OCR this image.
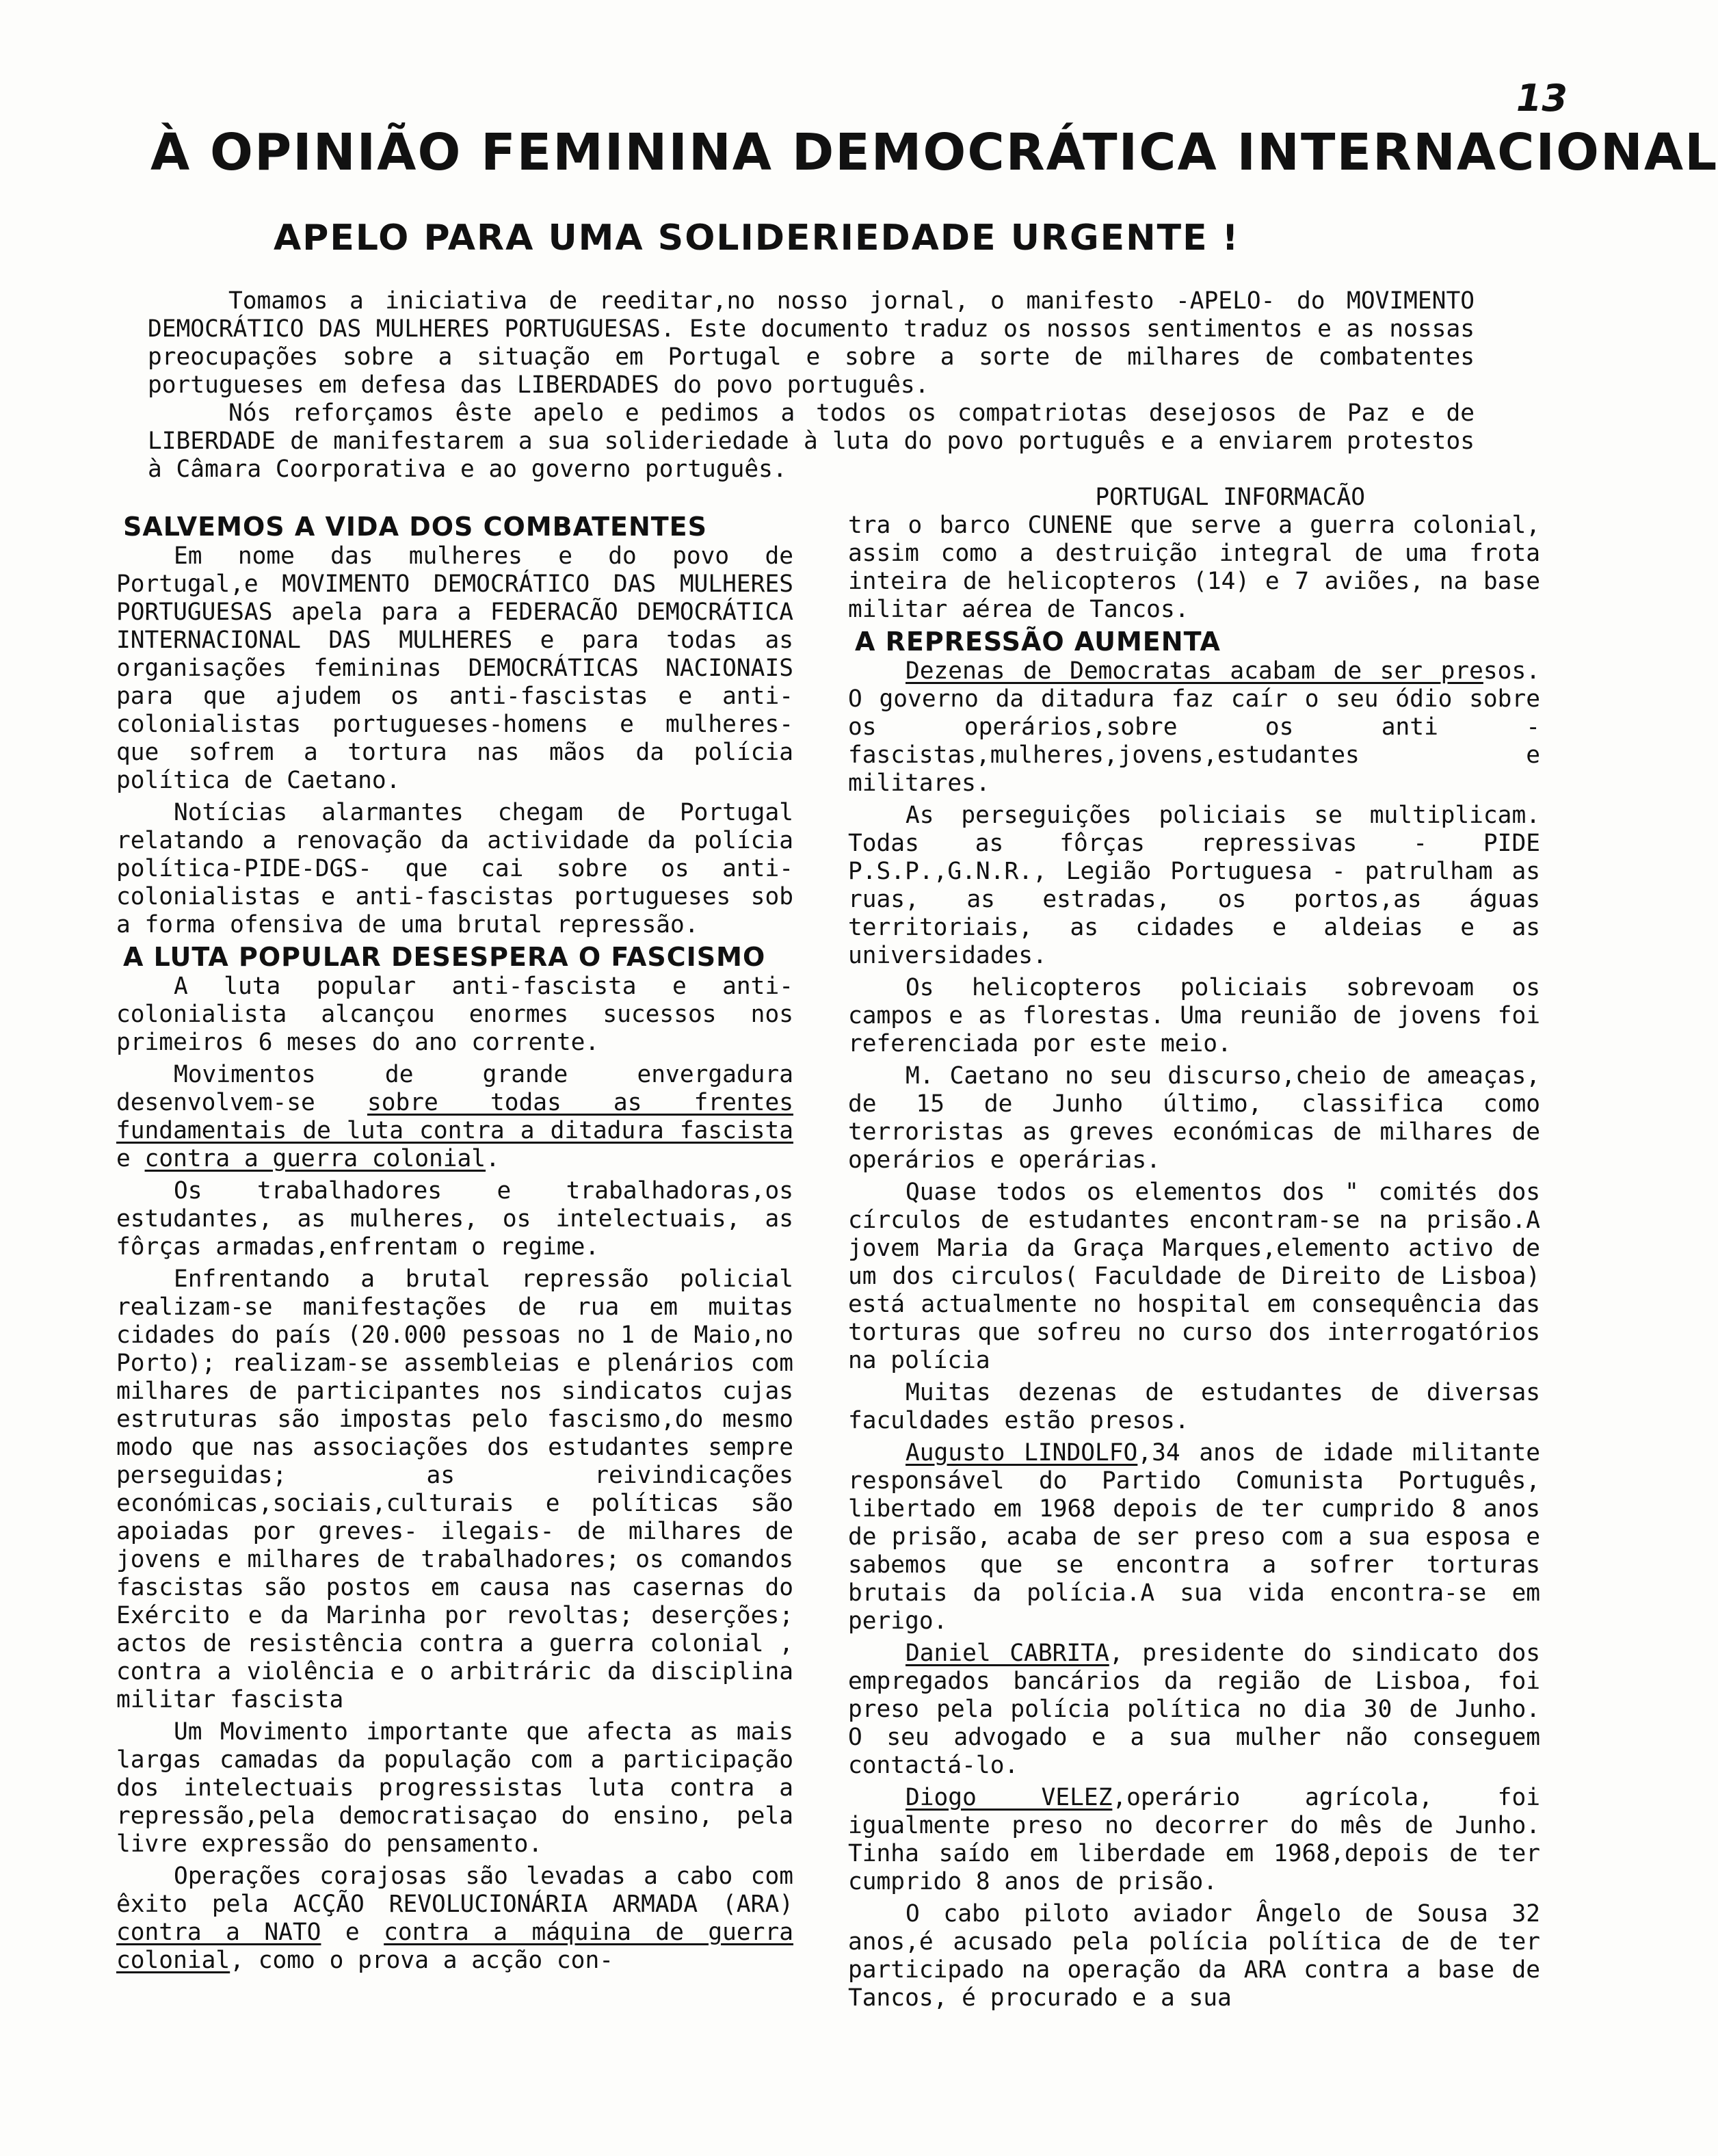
13
À OPINIÃO FEMININA DEMOCRÁTICA INTERNACIONAL
APELO PARA UMA SOLIDERIEDADE URGENTE !

Tomamos a iniciativa de reeditar,no nosso jornal, o manifesto -APELO- do MOVIMENTO DEMOCRÁTICO DAS MULHERES PORTUGUESAS. Este documento traduz os nossos sentimentos e as nossas preocupações sobre a situação em Portugal e sobre a sorte de milhares de combatentes portugueses em defesa das LIBERDADES do povo português.

Nós reforçamos êste apelo e pedimos a todos os compatriotas desejosos de Paz e de LIBERDADE de manifestarem a sua solideriedade à luta do povo português e a enviarem protestos à Câmara Coorporativa e ao governo português.

PORTUGAL INFORMACÃO
SALVEMOS A VIDA DOS COMBATENTES

Em nome das mulheres e do povo de Portugal,e MOVIMENTO DEMOCRÁTICO DAS MULHERES PORTUGUESAS apela para a FEDERACÃO DEMOCRÁTICA INTERNACIONAL DAS MULHERES e para todas as organisações femininas DEMOCRÁTICAS NACIONAIS para que ajudem os anti-fascistas e anti-colonialistas portugueses-homens e mulheres- que sofrem a tortura nas mãos da polícia política de Caetano.

Notícias alarmantes chegam de Portugal relatando a renovação da actividade da polícia política-PIDE-DGS- que cai sobre os anti-colonialistas e anti-fascistas portugueses sob a forma ofensiva de uma brutal repressão.

A LUTA POPULAR DESESPERA O FASCISMO

A luta popular anti-fascista e anti-colonialista alcançou enormes sucessos nos primeiros 6 meses do ano corrente.

Movimentos de grande envergadura desenvolvem-se sobre todas as frentes fundamentais de luta contra a ditadura fascista e contra a guerra colonial.

Os trabalhadores e trabalhadoras,os estudantes, as mulheres, os intelectuais, as fôrças armadas,enfrentam o regime.

Enfrentando a brutal repressão policial realizam-se manifestações de rua em muitas cidades do país (20.000 pessoas no 1 de Maio,no Porto); realizam-se assembleias e plenários com milhares de participantes nos sindicatos cujas estruturas são impostas pelo fascismo,do mesmo modo que nas associações dos estudantes sempre perseguidas; as reivindicações económicas,sociais,culturais e políticas são apoiadas por greves- ilegais- de milhares de jovens e milhares de trabalhadores; os comandos fascistas são postos em causa nas casernas do Exército e da Marinha por revoltas; deserções; actos de resistência contra a guerra colonial , contra a violência e o arbitráric da disciplina militar fascista

Um Movimento importante que afecta as mais largas camadas da população com a participação dos intelectuais progressistas luta contra a repressão,pela democratisaçao do ensino, pela livre expressão do pensamento.

Operações corajosas são levadas a cabo com êxito pela ACÇÃO REVOLUCIONÁRIA ARMADA (ARA) contra a NATO e contra a máquina de guerra colonial, como o prova a acção con-

tra o barco CUNENE que serve a guerra colonial, assim como a destruição integral de uma frota inteira de helicopteros (14) e 7 aviões, na base militar aérea de Tancos.

A REPRESSÃO AUMENTA

Dezenas de Democratas acabam de ser presos. O governo da ditadura faz caír o seu ódio sobre os operários,sobre os anti -fascistas,mulheres,jovens,estudantes e militares.

As perseguições policiais se multiplicam. Todas as fôrças repressivas - PIDE P.S.P.,G.N.R., Legião Portuguesa - patrulham as ruas, as estradas, os portos,as águas territoriais, as cidades e aldeias e as universidades.

Os helicopteros policiais sobrevoam os campos e as florestas. Uma reunião de jovens foi referenciada por este meio.

M. Caetano no seu discurso,cheio de ameaças, de 15 de Junho último, classifica como terroristas as greves económicas de milhares de operários e operárias.

Quase todos os elementos dos " comités dos círculos de estudantes encontram-se na prisão.A jovem Maria da Graça Marques,elemento activo de um dos circulos( Faculdade de Direito de Lisboa) está actualmente no hospital em consequência das torturas que sofreu no curso dos interrogatórios na polícia

Muitas dezenas de estudantes de diversas faculdades estão presos.

Augusto LINDOLFO,34 anos de idade militante responsável do Partido Comunista Português, libertado em 1968 depois de ter cumprido 8 anos de prisão, acaba de ser preso com a sua esposa e sabemos que se encontra a sofrer torturas brutais da polícia.A sua vida encontra-se em perigo.

Daniel CABRITA, presidente do sindicato dos empregados bancários da região de Lisboa, foi preso pela polícia política no dia 30 de Junho. O seu advogado e a sua mulher não conseguem contactá-lo.

Diogo VELEZ,operário agrícola, foi igualmente preso no decorrer do mês de Junho. Tinha saído em liberdade em 1968,depois de ter cumprido 8 anos de prisão.

O cabo piloto aviador Ângelo de Sousa 32 anos,é acusado pela polícia política de de ter participado na operação da ARA contra a base de Tancos, é procurado e a sua
